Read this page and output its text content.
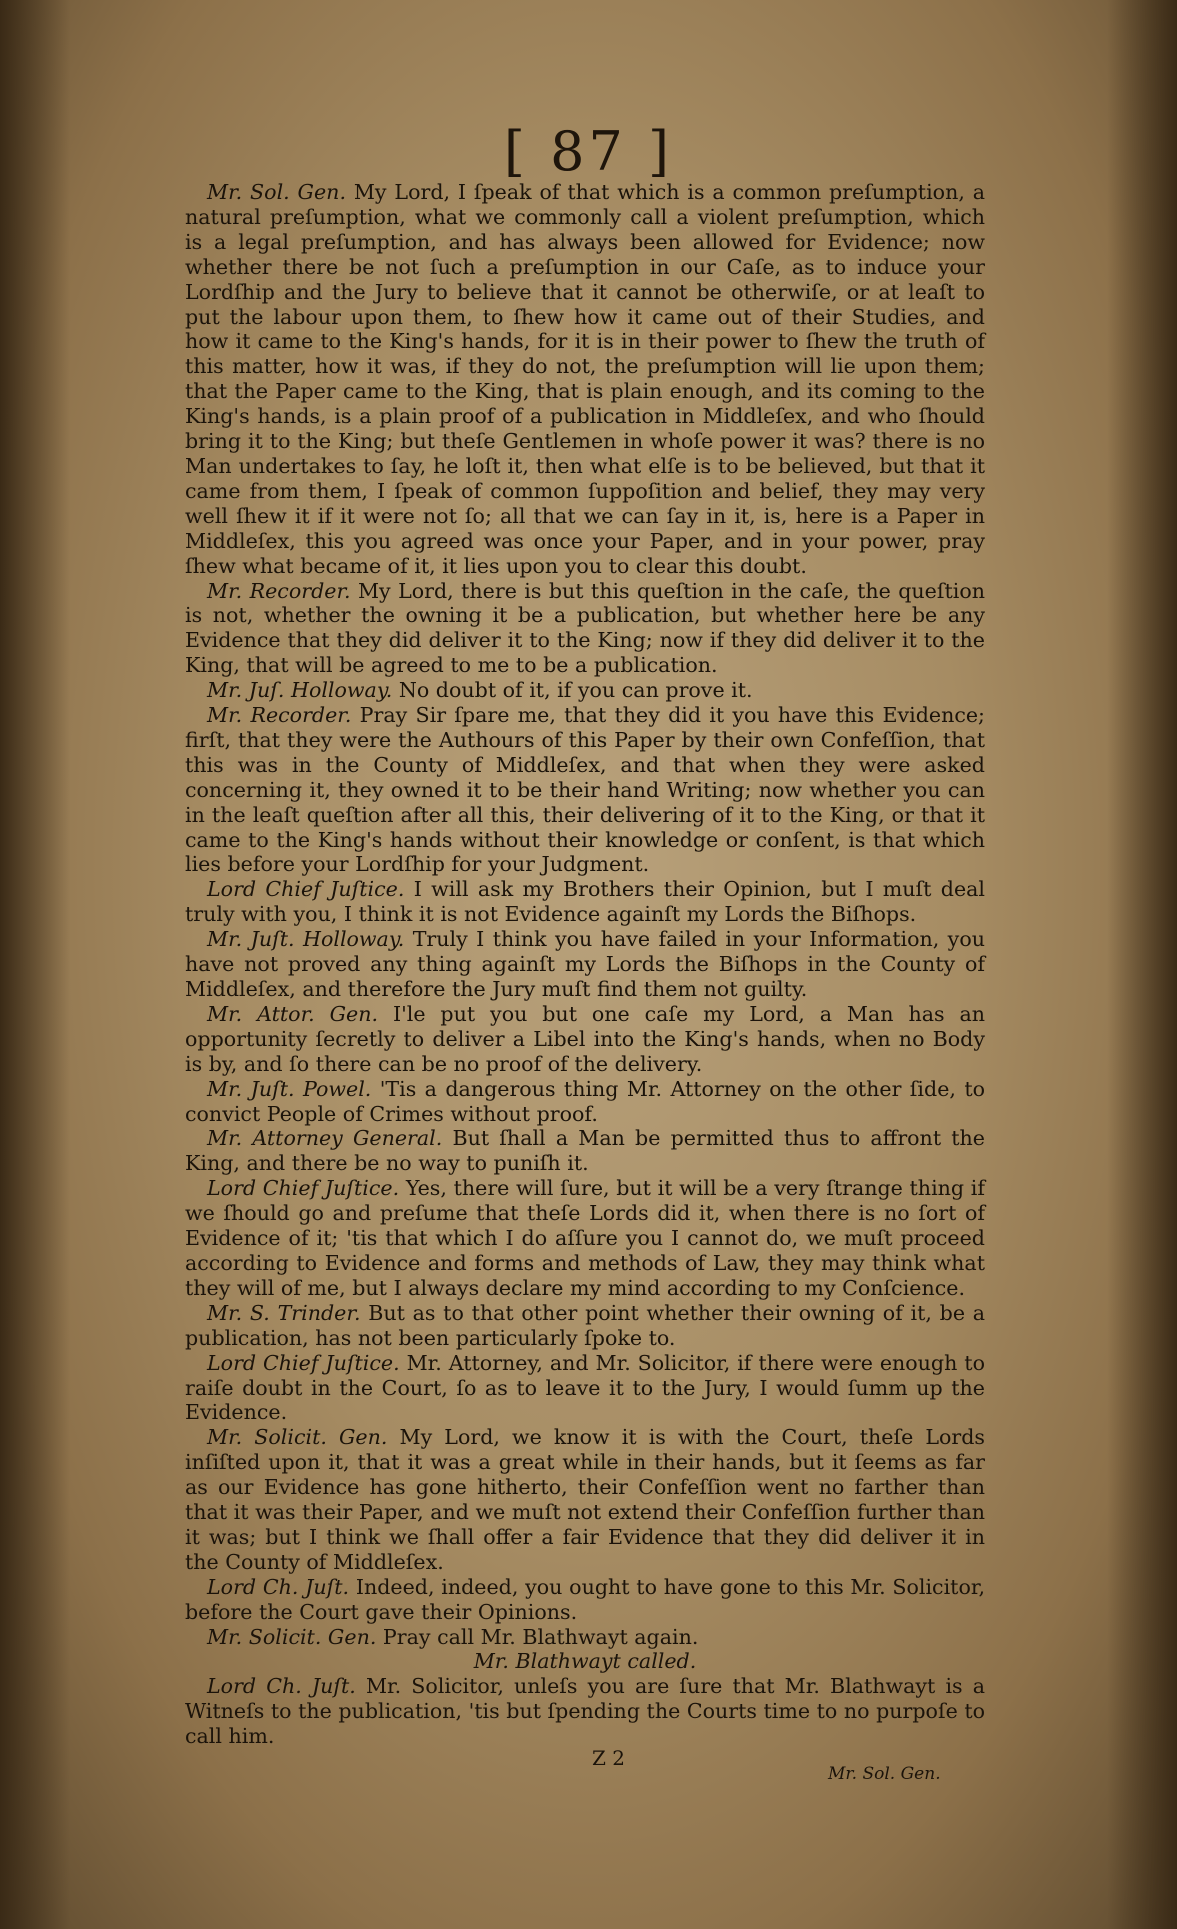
[ 87 ]

Mr. Sol. Gen. My Lord, I ſpeak of that which is a common preſumption, a natural preſumption, what we commonly call a violent preſumption, which is a legal preſumption, and has always been allowed for Evidence; now whether there be not ſuch a preſumption in our Caſe, as to induce your Lordſhip and the Jury to believe that it cannot be otherwiſe, or at leaſt to put the labour upon them, to ſhew how it came out of their Studies, and how it came to the King's hands, for it is in their power to ſhew the truth of this matter, how it was, if they do not, the preſumption will lie upon them; that the Paper came to the King, that is plain enough, and its coming to the King's hands, is a plain proof of a publication in Middleſex, and who ſhould bring it to the King; but theſe Gentlemen in whoſe power it was? there is no Man undertakes to ſay, he loſt it, then what elſe is to be believed, but that it came from them, I ſpeak of common ſuppoſition and belief, they may very well ſhew it if it were not ſo; all that we can ſay in it, is, here is a Paper in Middleſex, this you agreed was once your Paper, and in your power, pray ſhew what became of it, it lies upon you to clear this doubt.

Mr. Recorder. My Lord, there is but this queſtion in the caſe, the queſtion is not, whether the owning it be a publication, but whether here be any Evidence that they did deliver it to the King; now if they did deliver it to the King, that will be agreed to me to be a publication.

Mr. Juſ. Holloway. No doubt of it, if you can prove it.

Mr. Recorder. Pray Sir ſpare me, that they did it you have this Evidence; firſt, that they were the Authours of this Paper by their own Confeſſion, that this was in the County of Middleſex, and that when they were asked concerning it, they owned it to be their hand Writing; now whether you can in the leaſt queſtion after all this, their delivering of it to the King, or that it came to the King's hands without their knowledge or conſent, is that which lies before your Lordſhip for your Judgment.

Lord Chief Juſtice. I will ask my Brothers their Opinion, but I muſt deal truly with you, I think it is not Evidence againſt my Lords the Biſhops.

Mr. Juſt. Holloway. Truly I think you have failed in your Information, you have not proved any thing againſt my Lords the Biſhops in the County of Middleſex, and therefore the Jury muſt find them not guilty.

Mr. Attor. Gen. I'le put you but one caſe my Lord, a Man has an opportunity ſecretly to deliver a Libel into the King's hands, when no Body is by, and ſo there can be no proof of the delivery.

Mr. Juſt. Powel. 'Tis a dangerous thing Mr. Attorney on the other ſide, to convict People of Crimes without proof.

Mr. Attorney General. But ſhall a Man be permitted thus to affront the King, and there be no way to puniſh it.

Lord Chief Juſtice. Yes, there will ſure, but it will be a very ſtrange thing if we ſhould go and preſume that theſe Lords did it, when there is no ſort of Evidence of it; 'tis that which I do aſſure you I cannot do, we muſt proceed according to Evidence and forms and methods of Law, they may think what they will of me, but I always declare my mind according to my Conſcience.

Mr. S. Trinder. But as to that other point whether their owning of it, be a publication, has not been particularly ſpoke to.

Lord Chief Juſtice. Mr. Attorney, and Mr. Solicitor, if there were enough to raiſe doubt in the Court, ſo as to leave it to the Jury, I would ſumm up the Evidence.

Mr. Solicit. Gen. My Lord, we know it is with the Court, theſe Lords inſiſted upon it, that it was a great while in their hands, but it ſeems as far as our Evidence has gone hitherto, their Confeſſion went no farther than that it was their Paper, and we muſt not extend their Confeſſion further than it was; but I think we ſhall offer a fair Evidence that they did deliver it in the County of Middleſex.

Lord Ch. Juſt. Indeed, indeed, you ought to have gone to this Mr. Solicitor, before the Court gave their Opinions.

Mr. Solicit. Gen. Pray call Mr. Blathwayt again.

Mr. Blathwayt called.

Lord Ch. Juſt. Mr. Solicitor, unleſs you are ſure that Mr. Blathwayt is a Witneſs to the publication, 'tis but ſpending the Courts time to no purpoſe to call him.

Z 2
Mr. Sol. Gen.
